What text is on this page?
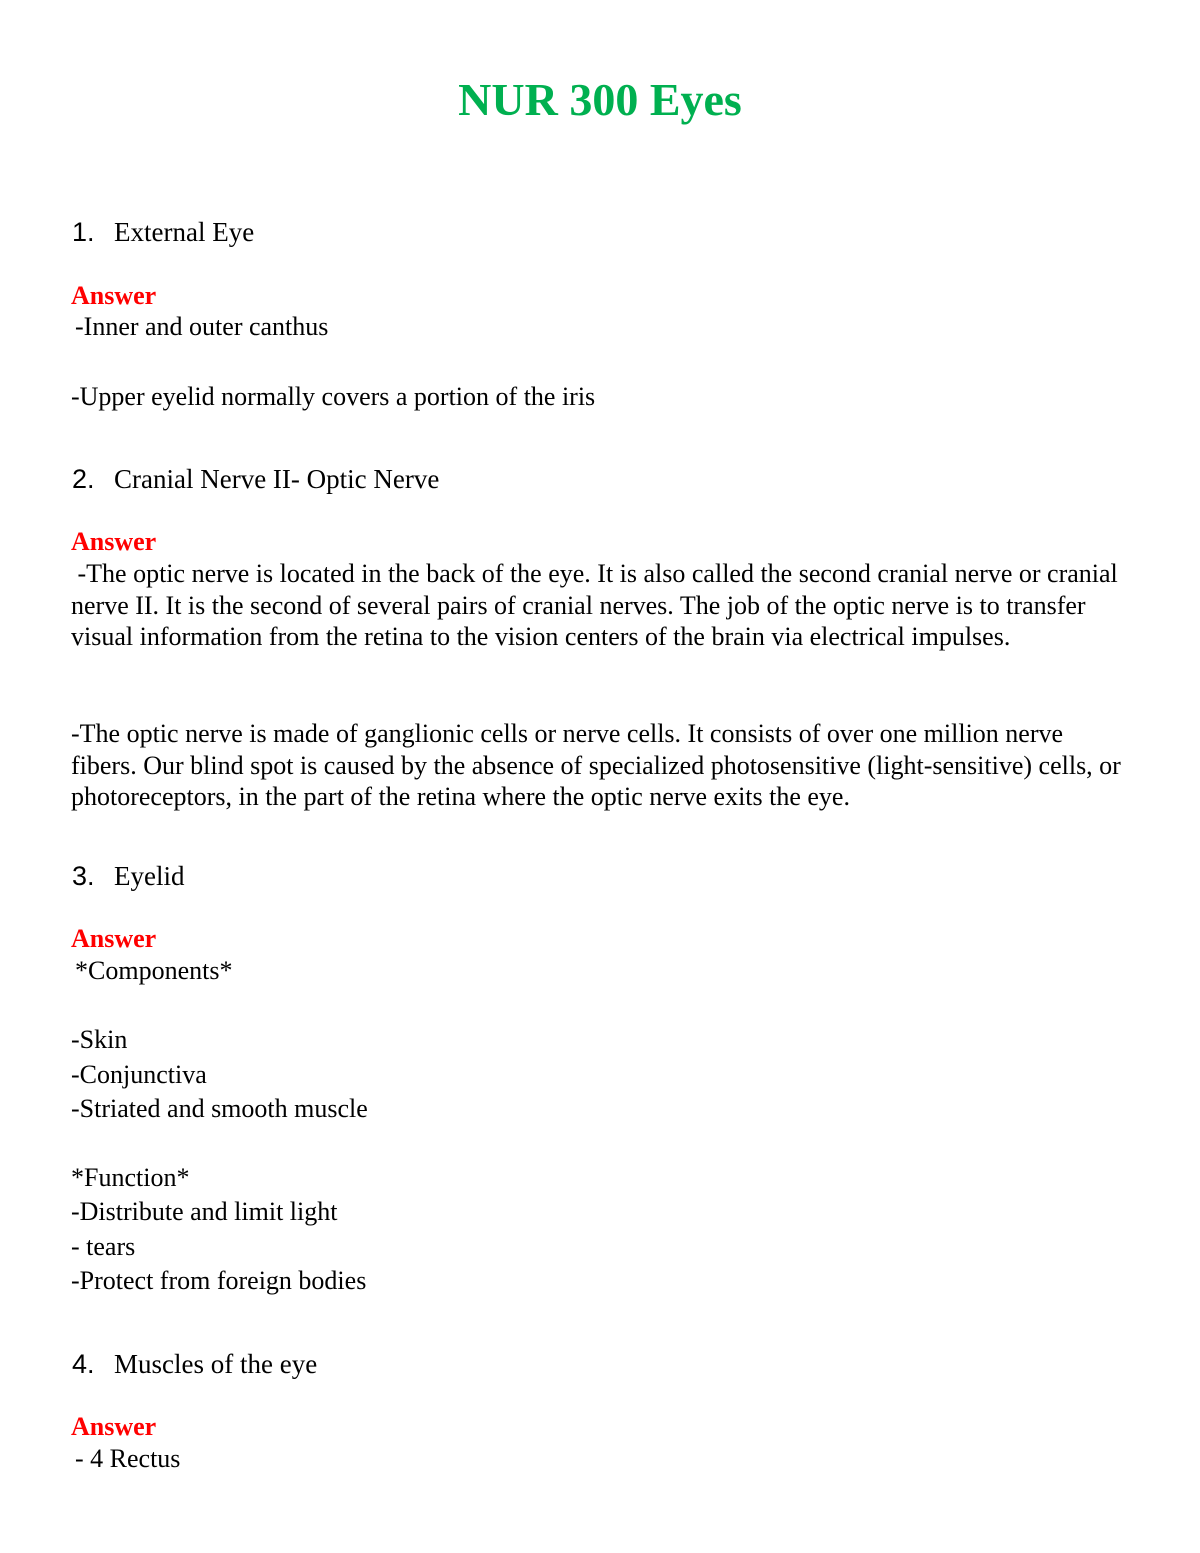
NUR 300 Eyes
1. External Eye
Answer
-Inner and outer canthus
-Upper eyelid normally covers a portion of the iris
2. Cranial Nerve II- Optic Nerve
Answer

-The optic nerve is located in the back of the eye. It is also called the second cranial nerve or cranial nerve II. It is the second of several pairs of cranial nerves. The job of the optic nerve is to transfer visual information from the retina to the vision centers of the brain via electrical impulses.

-The optic nerve is made of ganglionic cells or nerve cells. It consists of over one million nerve fibers. Our blind spot is caused by the absence of specialized photosensitive (light-sensitive) cells, or photoreceptors, in the part of the retina where the optic nerve exits the eye.

3. Eyelid
Answer
*Components*
-Skin
-Conjunctiva
-Striated and smooth muscle
*Function*
-Distribute and limit light
- tears
-Protect from foreign bodies
4. Muscles of the eye
Answer
- 4 Rectus
